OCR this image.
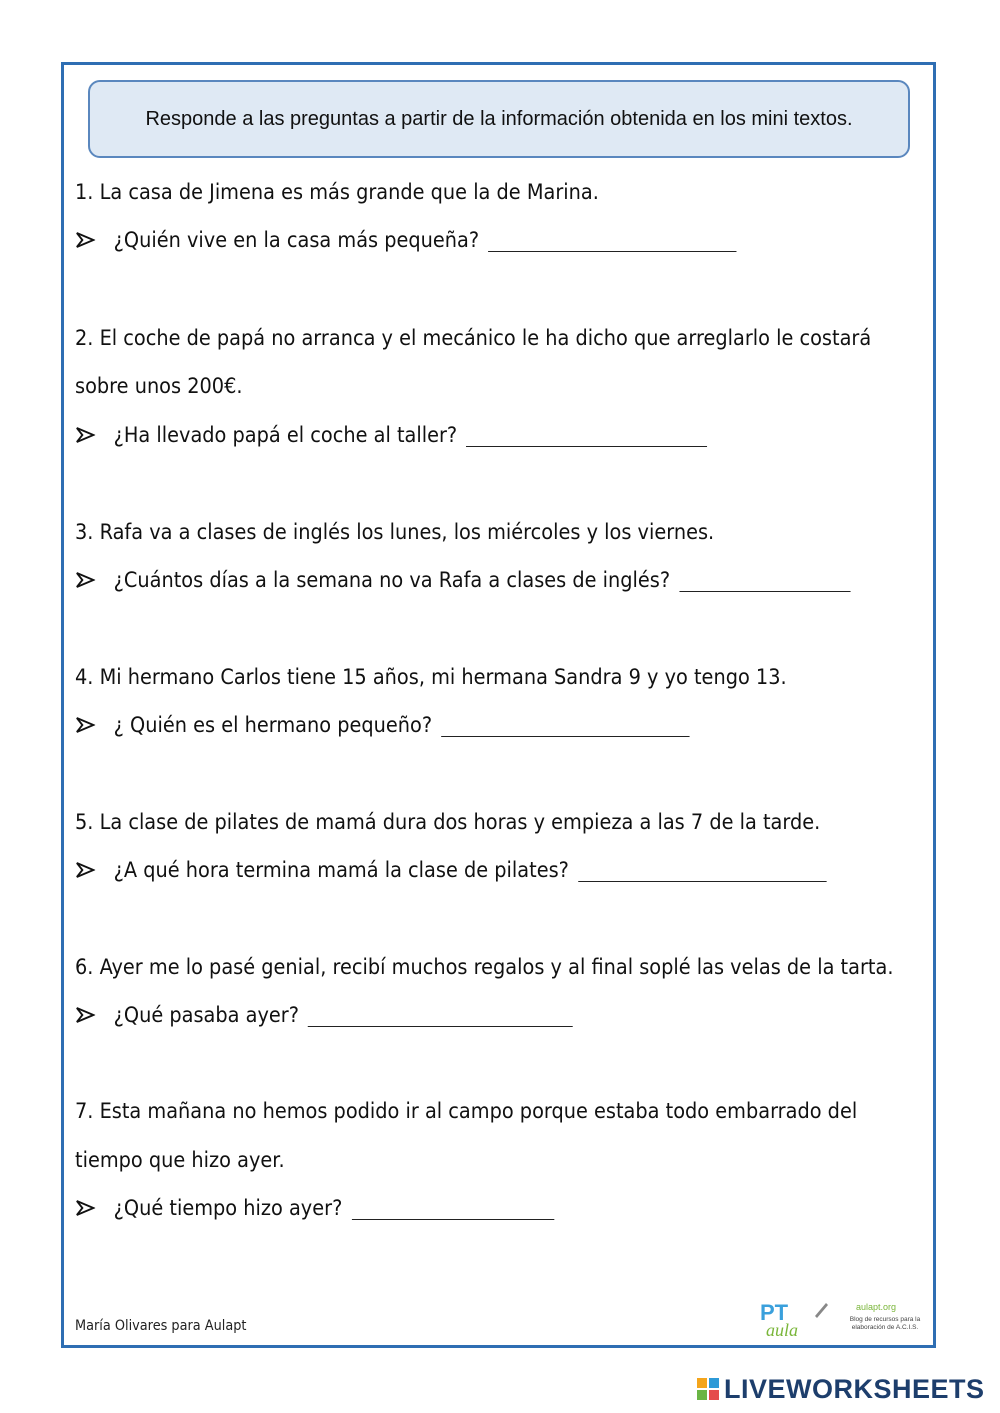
Responde a las preguntas a partir de la información obtenida en los mini textos.
1. La casa de Jimena es más grande que la de Marina.
¿Quién vive en la casa más pequeña?
2. El coche de papá no arranca y el mecánico le ha dicho que arreglarlo le costará
sobre unos 200€.
¿Ha llevado papá el coche al taller?
3. Rafa va a clases de inglés los lunes, los miércoles y los viernes.
¿Cuántos días a la semana no va Rafa a clases de inglés?
4. Mi hermano Carlos tiene 15 años, mi hermana Sandra 9 y yo tengo 13.
¿ Quién es el hermano pequeño?
5. La clase de pilates de mamá dura dos horas y empieza a las 7 de la tarde.
¿A qué hora termina mamá la clase de pilates?
6. Ayer me lo pasé genial, recibí muchos regalos y al final soplé las velas de la tarta.
¿Qué pasaba ayer?
7. Esta mañana no hemos podido ir al campo porque estaba todo embarrado del
tiempo que hizo ayer.
¿Qué tiempo hizo ayer?
María Olivares para Aulapt
PT
aula
aulapt.org
Blog de recursos para la elaboración de A.C.I.S.
LIVEWORKSHEETS
